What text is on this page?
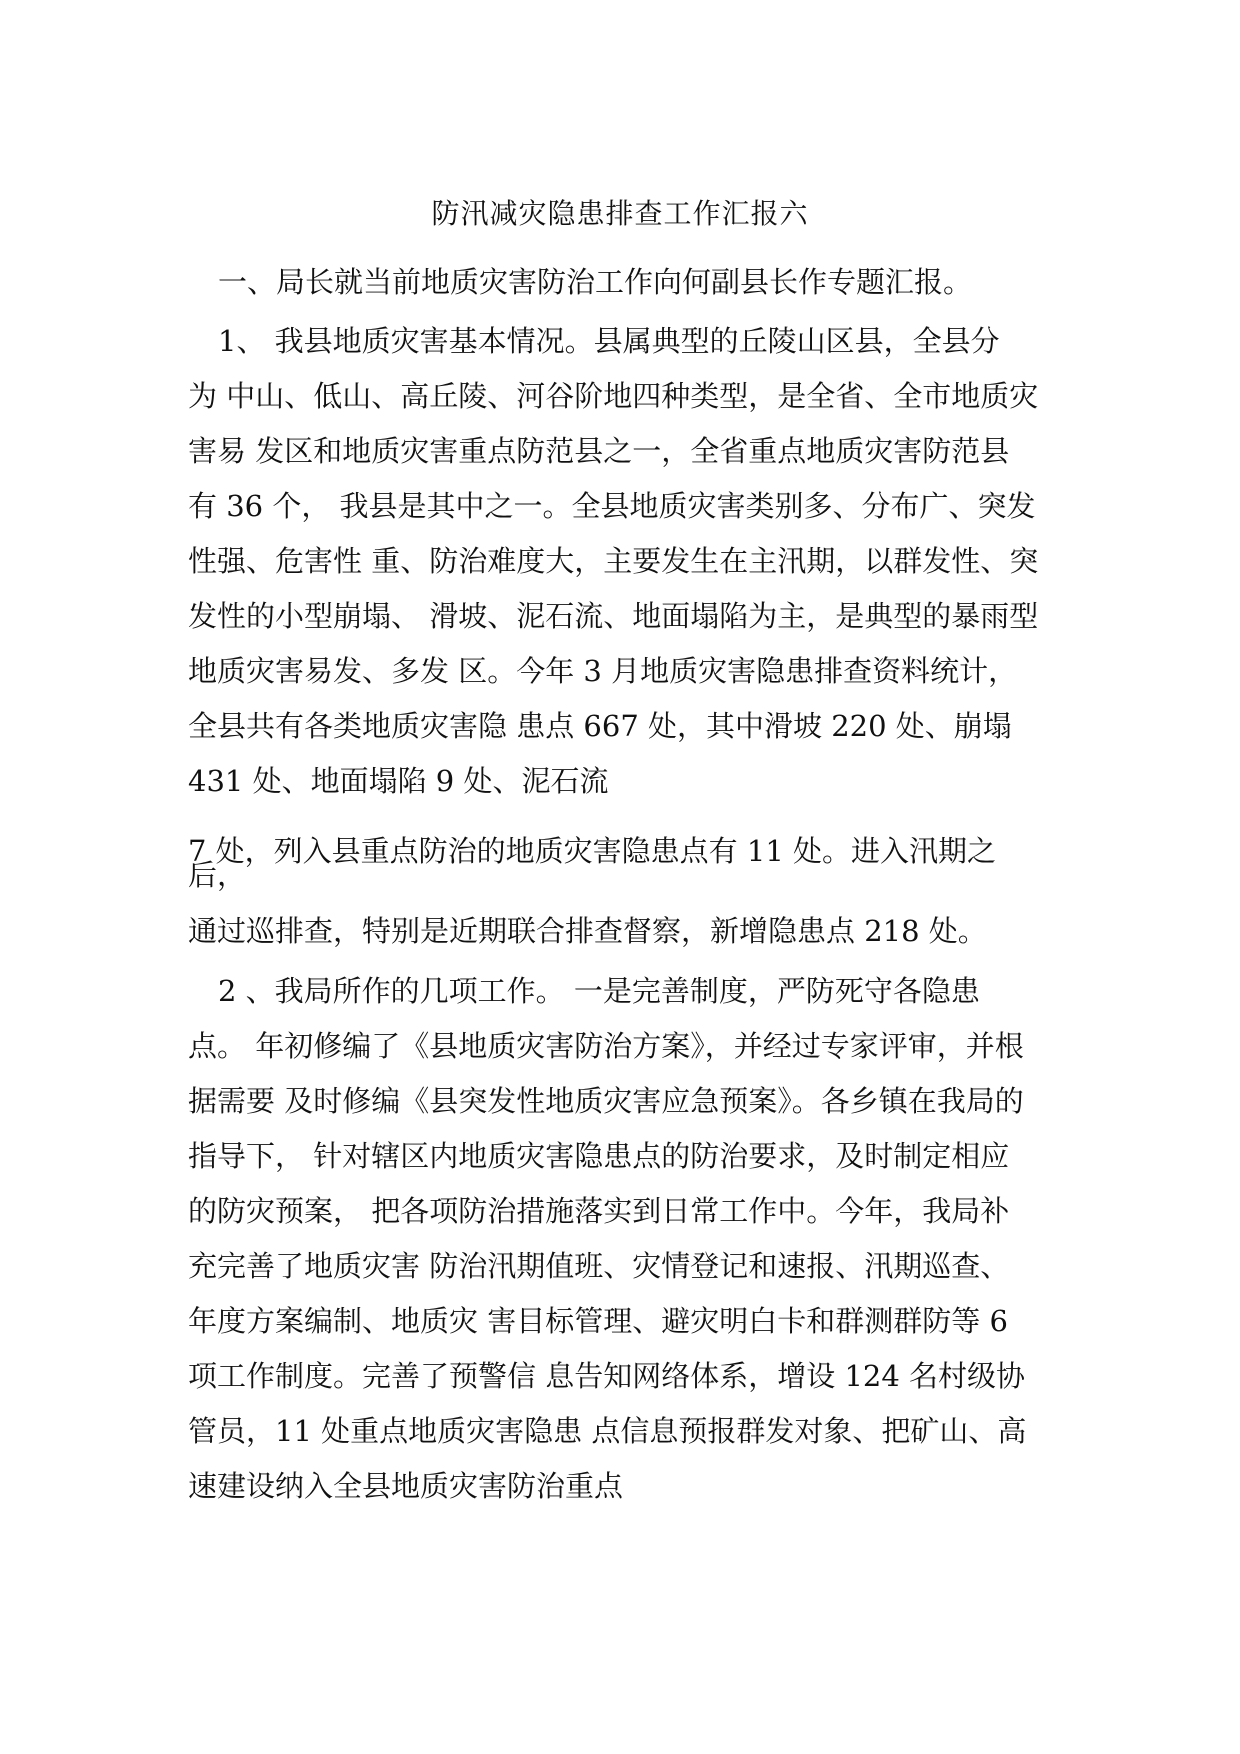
防汛减灾隐患排查工作汇报六
一、局长就当前地质灾害防治工作向何副县长作专题汇报。
1、 我县地质灾害基本情况。县属典型的丘陵山区县，全县分
为 中山、低山、高丘陵、河谷阶地四种类型，是全省、全市地质灾
害易 发区和地质灾害重点防范县之一，全省重点地质灾害防范县
有 36 个， 我县是其中之一。全县地质灾害类别多、分布广、突发
性强、危害性 重、防治难度大，主要发生在主汛期，以群发性、突
发性的小型崩塌、 滑坡、泥石流、地面塌陷为主，是典型的暴雨型
地质灾害易发、多发 区。今年 3 月地质灾害隐患排查资料统计，
全县共有各类地质灾害隐 患点 667 处，其中滑坡 220 处、崩塌
431 处、地面塌陷 9 处、泥石流
7 处，列入县重点防治的地质灾害隐患点有 11 处。进入汛期之
后，
通过巡排查，特别是近期联合排查督察，新增隐患点 218 处。
2 、我局所作的几项工作。 一是完善制度，严防死守各隐患
点。 年初修编了《县地质灾害防治方案》，并经过专家评审，并根
据需要 及时修编《县突发性地质灾害应急预案》。各乡镇在我局的
指导下， 针对辖区内地质灾害隐患点的防治要求，及时制定相应
的防灾预案， 把各项防治措施落实到日常工作中。今年，我局补
充完善了地质灾害 防治汛期值班、灾情登记和速报、汛期巡查、
年度方案编制、地质灾 害目标管理、避灾明白卡和群测群防等 6
项工作制度。完善了预警信 息告知网络体系，增设 124 名村级协
管员，11 处重点地质灾害隐患 点信息预报群发对象、把矿山、高
速建设纳入全县地质灾害防治重点
